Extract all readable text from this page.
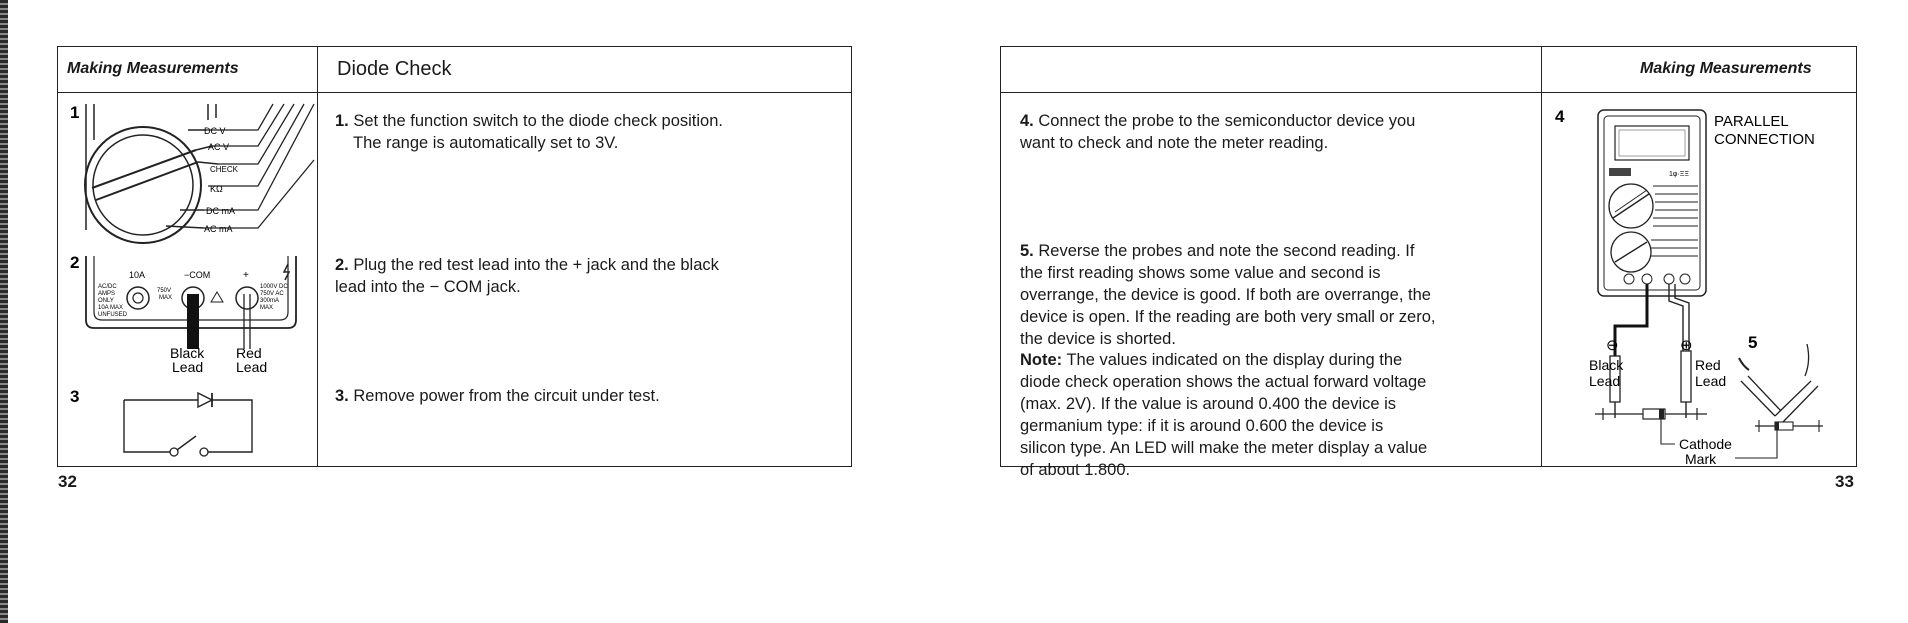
Making Measurements	Diode Check
1
DC V
AC V
CHECK
KΩ
DC mA
AC mA
2
10A
AC/DC
AMPS
ONLY
10A MAX
UNFUSED
−COM
750V
MAX
+
1000V DC
750V AC
300mA
MAX
Black
Lead
Red
Lead
3
1. Set the function switch to the diode check position.
The range is automatically set to 3V.
2. Plug the red test lead into the + jack and the black
lead into the − COM jack.
3. Remove power from the circuit under test.
32
Making Measurements
4. Connect the probe to the semiconductor device you
want to check and note the meter reading.
5. Reverse the probes and note the second reading. If
the first reading shows some value and second is
overrange, the device is good. If both are overrange, the
device is open. If the reading are both very small or zero,
the device is shorted.
Note: The values indicated on the display during the
diode check operation shows the actual forward voltage
(max. 2V). If the value is around 0.400 the device is
germanium type: if it is around 0.600 the device is
silicon type. An LED will make the meter display a value
of about 1.800.
4	PARALLEL
CONNECTION
1φ·ΞΞ
⊖	⊕
Black
Lead
Red
Lead
5
Cathode
Mark
33
